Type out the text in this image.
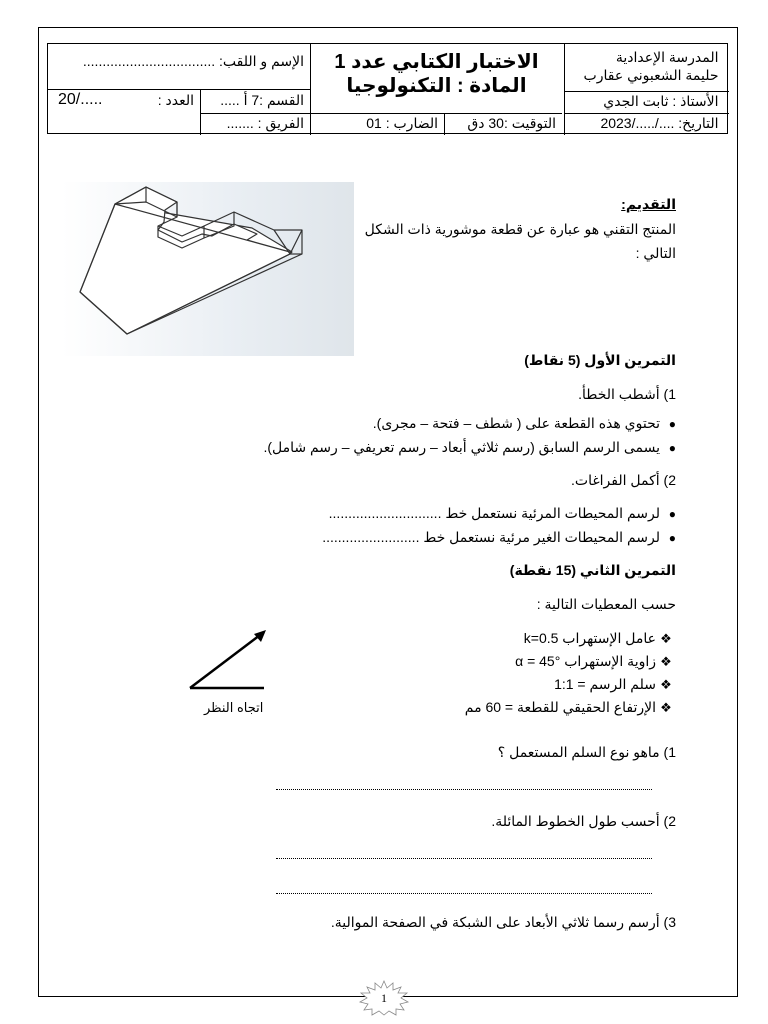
المدرسة الإعدادية
حليمة الشعبوني عقارب
الأستاذ : ثابت الجدي
التاريخ: ..../...../2023
الاختبار الكتابي عدد 1
المادة : التكنولوجيا
التوقيت :30 دق
الضارب : 01
الإسم و اللقب: ..................................
القسم :7 أ .....
العدد :
20/.....
الفريق : .......
التقديم:
المنتج التقني هو عبارة عن قطعة موشورية ذات الشكل
التالي :
التمرين الأول (5 نقاط)
1) أشطب الخطأ.
●تحتوي هذه القطعة على ( شطف – فتحة – مجرى).
●يسمى الرسم السابق (رسم ثلاثي أبعاد – رسم تعريفي – رسم شامل).
2) أكمل الفراغات.
●لرسم المحيطات المرئية نستعمل خط .............................
●لرسم المحيطات الغير مرئية نستعمل خط .........................
التمرين الثاني (15 نقطة)
حسب المعطيات التالية :
❖عامل الإستهراب k=0.5
❖زاوية الإستهراب α = 45°
❖سلم الرسم = 1:1
❖الإرتفاع الحقيقي للقطعة = 60 مم
اتجاه النظر
1) ماهو نوع السلم المستعمل ؟
2) أحسب طول الخطوط المائلة.
3) أرسم رسما ثلاثي الأبعاد على الشبكة في الصفحة الموالية.
1
